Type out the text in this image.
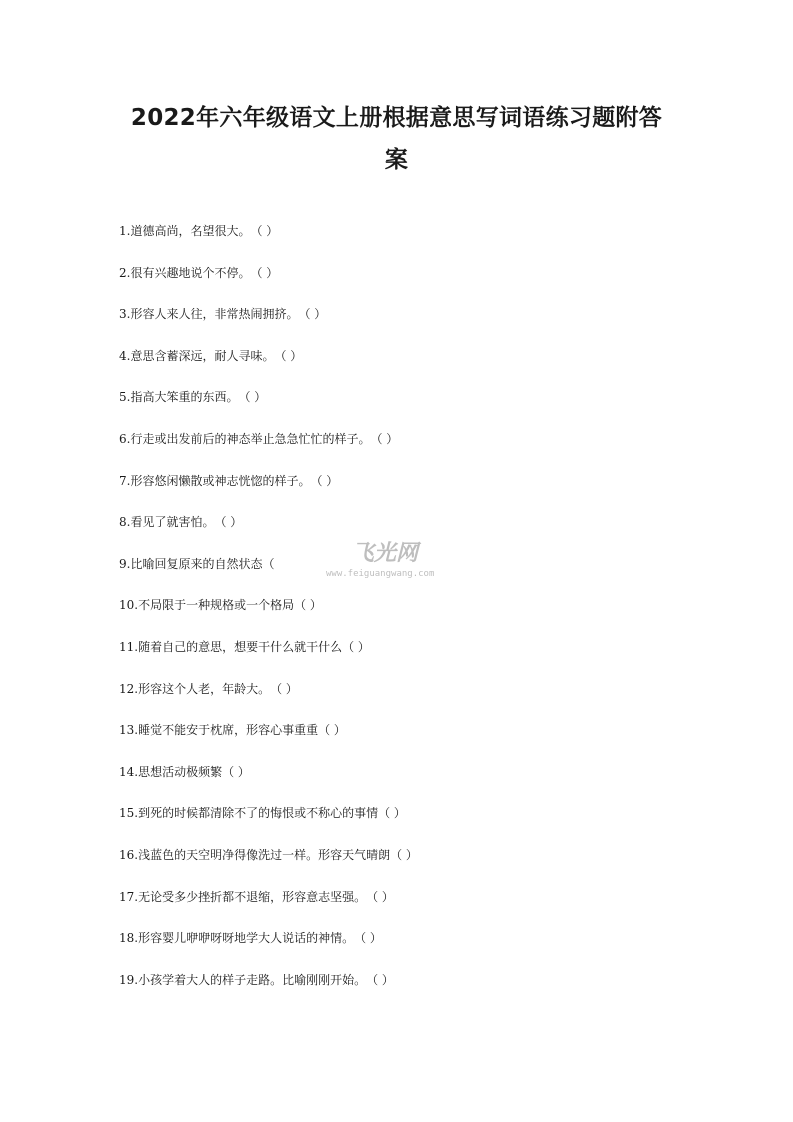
2022年六年级语文上册根据意思写词语练习题附答
案
1.道德高尚，名望很大。（ ）
2.很有兴趣地说个不停。（ ）
3.形容人来人往，非常热闹拥挤。（ ）
4.意思含蓄深远，耐人寻味。（ ）
5.指高大笨重的东西。（ ）
6.行走或出发前后的神态举止急急忙忙的样子。（ ）
7.形容悠闲懒散或神志恍惚的样子。（ ）
8.看见了就害怕。（ ）
9.比喻回复原来的自然状态（
10.不局限于一种规格或一个格局（ ）
11.随着自己的意思，想要干什么就干什么（ ）
12.形容这个人老，年龄大。（ ）
13.睡觉不能安于枕席，形容心事重重（ ）
14.思想活动极频繁（ ）
15.到死的时候都清除不了的悔恨或不称心的事情（ ）
16.浅蓝色的天空明净得像洗过一样。形容天气晴朗（ ）
17.无论受多少挫折都不退缩，形容意志坚强。（ ）
18.形容婴儿咿咿呀呀地学大人说话的神情。（ ）
19.小孩学着大人的样子走路。比喻刚刚开始。（ ）
飞光网
www.feiguangwang.com
